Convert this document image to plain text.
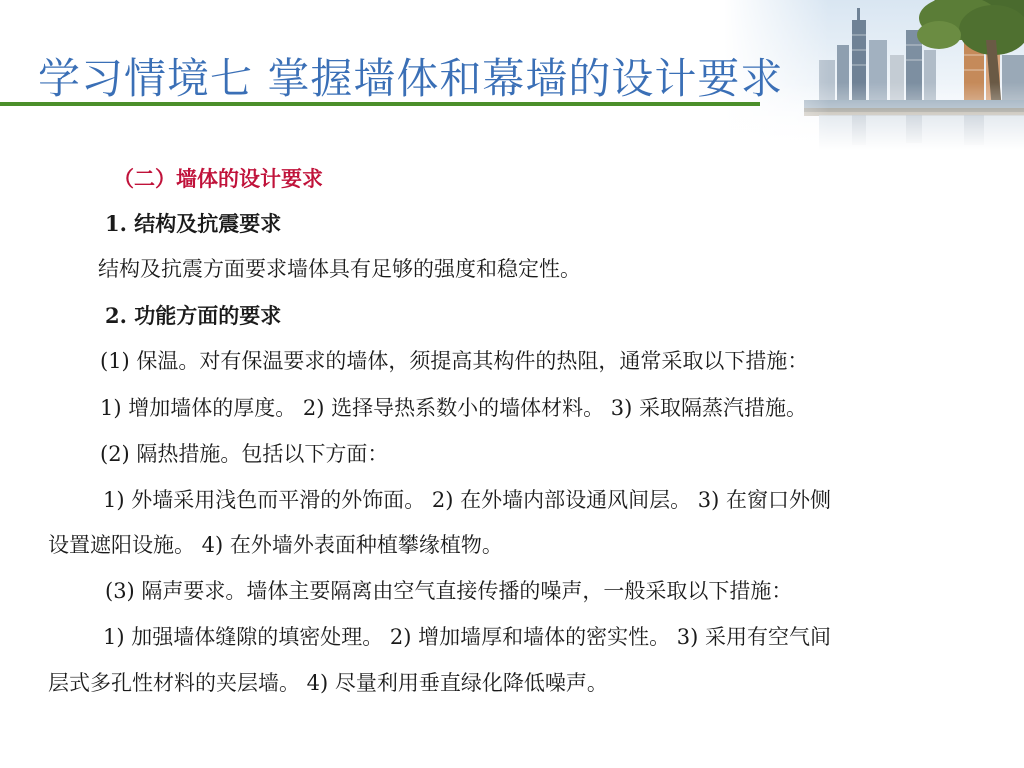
学习情境七 掌握墙体和幕墙的设计要求
（二）墙体的设计要求
1. 结构及抗震要求
结构及抗震方面要求墙体具有足够的强度和稳定性。
2. 功能方面的要求
(1) 保温。对有保温要求的墙体，须提高其构件的热阻，通常采取以下措施：
1) 增加墙体的厚度。 2) 选择导热系数小的墙体材料。 3) 采取隔蒸汽措施。
(2) 隔热措施。包括以下方面：
1) 外墙采用浅色而平滑的外饰面。 2) 在外墙内部设通风间层。 3) 在窗口外侧
设置遮阳设施。 4) 在外墙外表面种植攀缘植物。
(3) 隔声要求。墙体主要隔离由空气直接传播的噪声，一般采取以下措施：
1) 加强墙体缝隙的填密处理。 2) 增加墙厚和墙体的密实性。 3) 采用有空气间
层式多孔性材料的夹层墙。 4) 尽量利用垂直绿化降低噪声。
